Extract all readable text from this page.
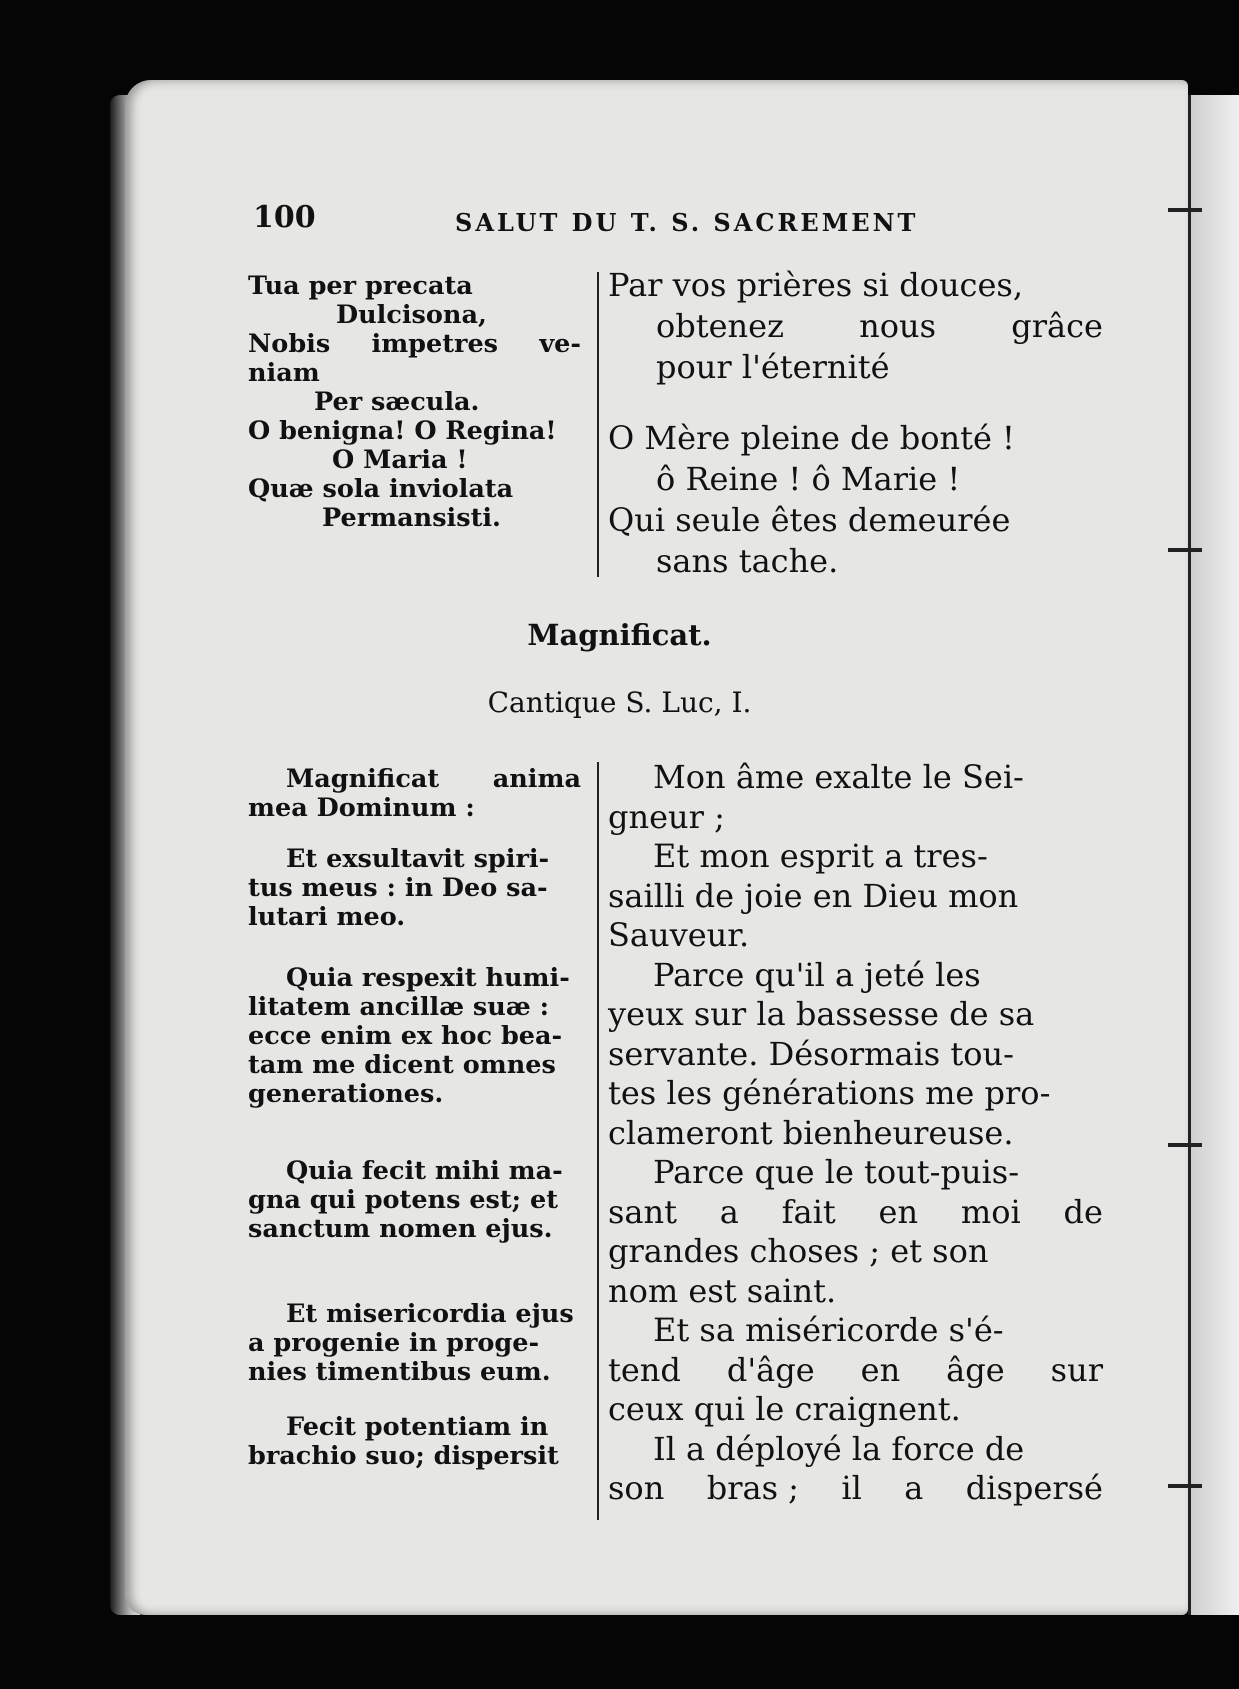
100	SALUT DU T. S. SACREMENT
Tua per precata
Dulcisona,
Nobis impetres ve-
niam
Per sæcula.
O benigna! O Regina!
O Maria !
Quæ sola inviolata
Permansisti.
Par vos prières si douces,
obtenez nous grâce
pour l'éternité
O Mère pleine de bonté !
ô Reine ! ô Marie !
Qui seule êtes demeurée
sans tache.
Magnificat.
Cantique S. Luc, I.
Magnificat anima
mea Dominum :
Et exsultavit spiri-
tus meus : in Deo sa-
lutari meo.
Quia respexit humi-
litatem ancillæ suæ :
ecce enim ex hoc bea-
tam me dicent omnes
generationes.
Quia fecit mihi ma-
gna qui potens est; et
sanctum nomen ejus.
Et misericordia ejus
a progenie in proge-
nies timentibus eum.
Fecit potentiam in
brachio suo; dispersit
Mon âme exalte le Sei-
gneur ;
Et mon esprit a tres-
sailli de joie en Dieu mon
Sauveur.
Parce qu'il a jeté les
yeux sur la bassesse de sa
servante. Désormais tou-
tes les générations me pro-
clameront bienheureuse.
Parce que le tout-puis-
sant a fait en moi de
grandes choses ; et son
nom est saint.
Et sa miséricorde s'é-
tend d'âge en âge sur
ceux qui le craignent.
Il a déployé la force de
son bras ; il a dispersé
